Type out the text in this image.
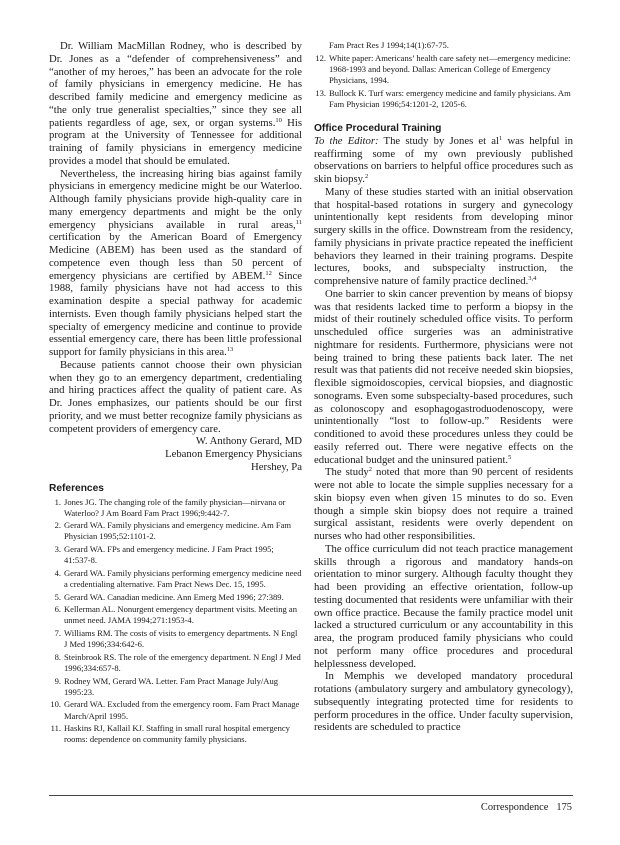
Dr. William MacMillan Rodney, who is described by Dr. Jones as a “defender of comprehensiveness” and “another of my heroes,” has been an advocate for the role of family physicians in emergency medicine. He has described family medicine and emergency medicine as “the only true generalist specialties,” since they see all patients regardless of age, sex, or organ systems.$^{10}$ His program at the University of Tennessee for additional training of family physicians in emergency medicine provides a model that should be emulated.

Nevertheless, the increasing hiring bias against family physicians in emergency medicine might be our Waterloo. Although family physicians provide high-quality care in many emergency departments and might be the only emergency physicians available in rural areas,$^{11}$ certification by the American Board of Emergency Medicine (ABEM) has been used as the standard of competence even though less than 50 percent of emergency physicians are certified by ABEM.$^{12}$ Since 1988, family physicians have not had access to this examination despite a special pathway for academic internists. Even though family physicians helped start the specialty of emergency medicine and continue to provide essential emergency care, there has been little professional support for family physicians in this area.$^{13}$

Because patients cannot choose their own physician when they go to an emergency department, credentialing and hiring practices affect the quality of patient care. As Dr. Jones emphasizes, our patients should be our first priority, and we must better recognize family physicians as competent providers of emergency care.

W. Anthony Gerard, MD
Lebanon Emergency Physicians
Hershey, Pa
References
1. Jones JG. The changing role of the family physician—nirvana or Waterloo? J Am Board Fam Pract 1996;9:442-7.
2. Gerard WA. Family physicians and emergency medicine. Am Fam Physician 1995;52:1101-2.
3. Gerard WA. FPs and emergency medicine. J Fam Pract 1995; 41:537-8.
4. Gerard WA. Family physicians performing emergency medicine need a credentialing alternative. Fam Pract News Dec. 15, 1995.
5. Gerard WA. Canadian medicine. Ann Emerg Med 1996; 27:389.
6. Kellerman AL. Nonurgent emergency department visits. Meeting an unmet need. JAMA 1994;271:1953-4.
7. Williams RM. The costs of visits to emergency departments. N Engl J Med 1996;334:642-6.
8. Steinbrook RS. The role of the emergency department. N Engl J Med 1996;334:657-8.
9. Rodney WM, Gerard WA. Letter. Fam Pract Manage July/Aug 1995:23.
10. Gerard WA. Excluded from the emergency room. Fam Pract Manage March/April 1995.
11. Haskins RJ, Kallail KJ. Staffing in small rural hospital emergency rooms: dependence on community family physicians.
Fam Pract Res J 1994;14(1):67-75.
12. White paper: Americans’ health care safety net—emergency medicine: 1968-1993 and beyond. Dallas: American College of Emergency Physicians, 1994.
13. Bullock K. Turf wars: emergency medicine and family physicians. Am Fam Physician 1996;54:1201-2, 1205-6.
Office Procedural Training

To the Editor: The study by Jones et $al^1$ was helpful in reaffirming some of my own previously published observations on barriers to helpful office procedures such as skin biopsy.$^2$

Many of these studies started with an initial observation that hospital-based rotations in surgery and gynecology unintentionally kept residents from developing minor surgery skills in the office. Downstream from the residency, family physicians in private practice repeated the inefficient behaviors they learned in their training programs. Despite lectures, books, and subspecialty instruction, the comprehensive nature of family practice declined.$^{3,4}$

One barrier to skin cancer prevention by means of biopsy was that residents lacked time to perform a biopsy in the midst of their routinely scheduled office visits. To perform unscheduled office surgeries was an administrative nightmare for residents. Furthermore, physicians were not being trained to bring these patients back later. The net result was that patients did not receive needed skin biopsies, flexible sigmoidoscopies, cervical biopsies, and diagnostic sonograms. Even some subspecialty-based procedures, such as colonoscopy and esophagogastroduodenoscopy, were unintentionally “lost to follow-up.” Residents were conditioned to avoid these procedures unless they could be easily referred out. There were negative effects on the educational budget and the uninsured patient.$^5$

The study$^2$ noted that more than 90 percent of residents were not able to locate the simple supplies necessary for a skin biopsy even when given 15 minutes to do so. Even though a simple skin biopsy does not require a trained surgical assistant, residents were overly dependent on nurses who had other responsibilities.

The office curriculum did not teach practice management skills through a rigorous and mandatory hands-on orientation to minor surgery. Although faculty thought they had been providing an effective orientation, follow-up testing documented that residents were unfamiliar with their own office practice. Because the family practice model unit lacked a structured curriculum or any accountability in this area, the program produced family physicians who could not perform many office procedures and procedural helplessness developed.

In Memphis we developed mandatory procedural rotations (ambulatory surgery and ambulatory gynecology), subsequently integrating protected time for residents to perform procedures in the office. Under faculty supervision, residents are scheduled to practice

Correspondence 175
